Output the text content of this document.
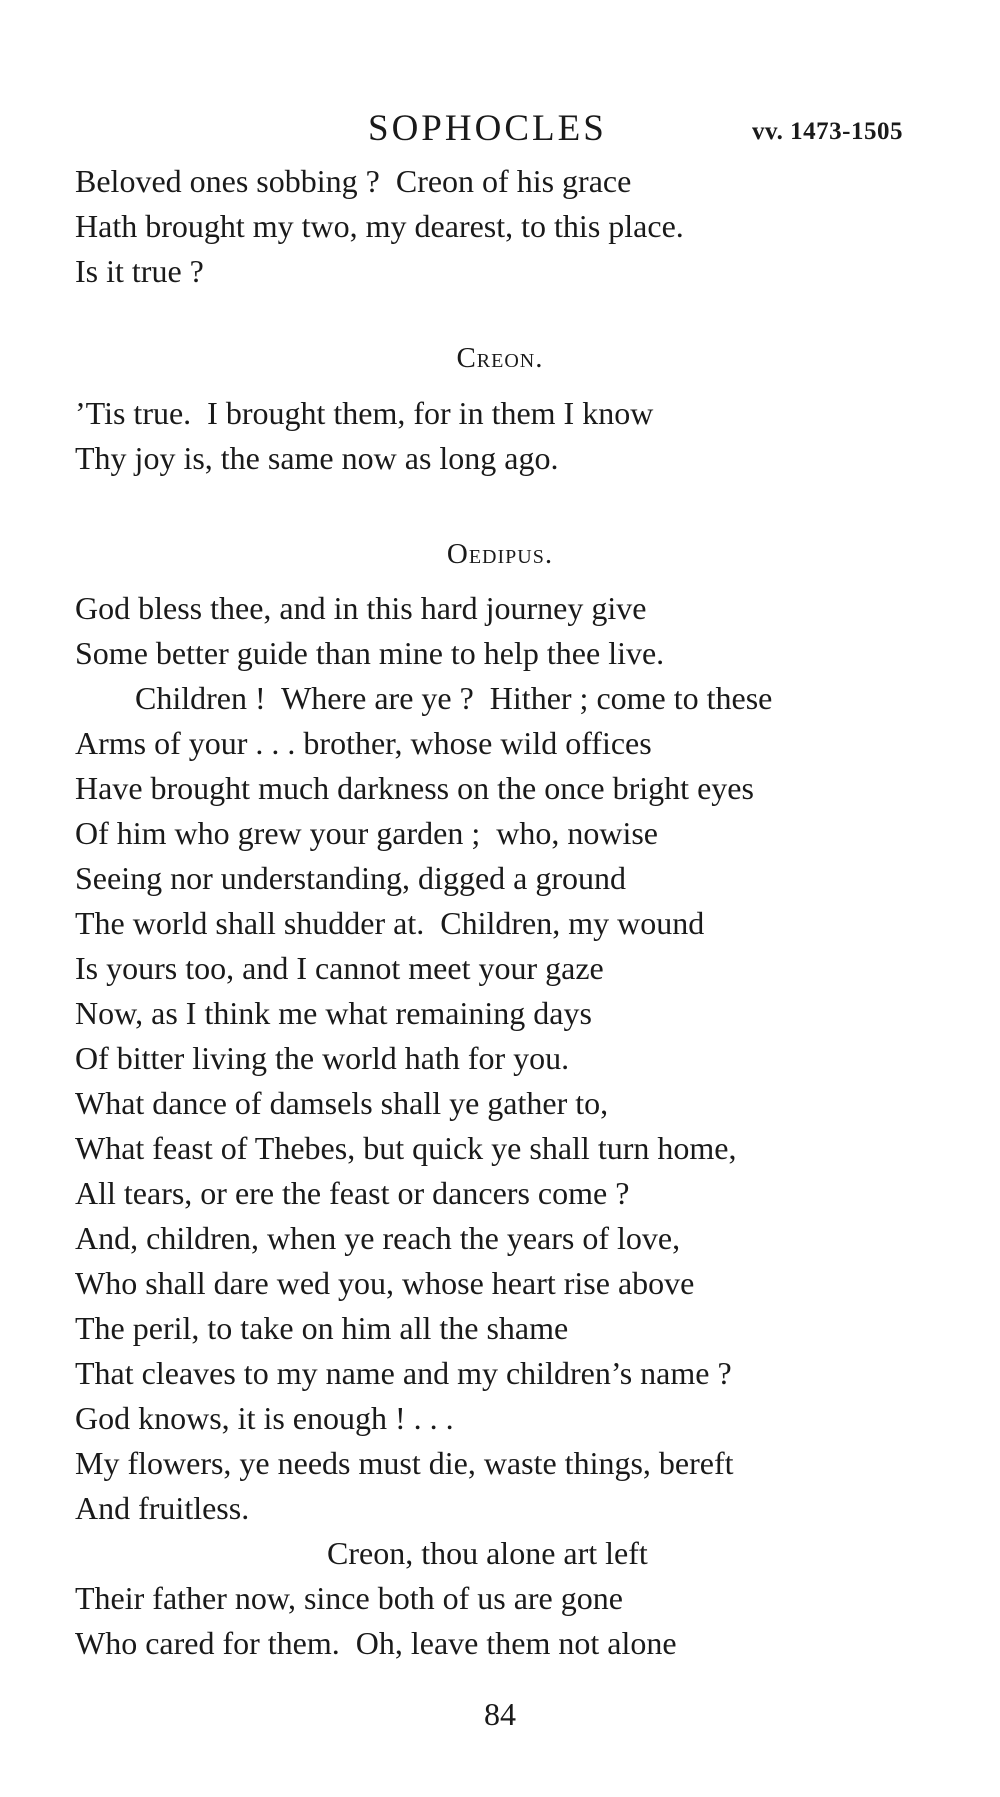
SOPHOCLES	vv. 1473-1505
Beloved ones sobbing ?  Creon of his grace
Hath brought my two, my dearest, to this place.
Is it true ?
Creon.
’Tis true.  I brought them, for in them I know
Thy joy is, the same now as long ago.
Oedipus.
God bless thee, and in this hard journey give
Some better guide than mine to help thee live.
Children !  Where are ye ?  Hither ; come to these
Arms of your . . . brother, whose wild offices
Have brought much darkness on the once bright eyes
Of him who grew your garden ;  who, nowise
Seeing nor understanding, digged a ground
The world shall shudder at.  Children, my wound
Is yours too, and I cannot meet your gaze
Now, as I think me what remaining days
Of bitter living the world hath for you.
What dance of damsels shall ye gather to,
What feast of Thebes, but quick ye shall turn home,
All tears, or ere the feast or dancers come ?
And, children, when ye reach the years of love,
Who shall dare wed you, whose heart rise above
The peril, to take on him all the shame
That cleaves to my name and my children’s name ?
God knows, it is enough ! . . .
My flowers, ye needs must die, waste things, bereft
And fruitless.
Creon, thou alone art left
Their father now, since both of us are gone
Who cared for them.  Oh, leave them not alone
84
